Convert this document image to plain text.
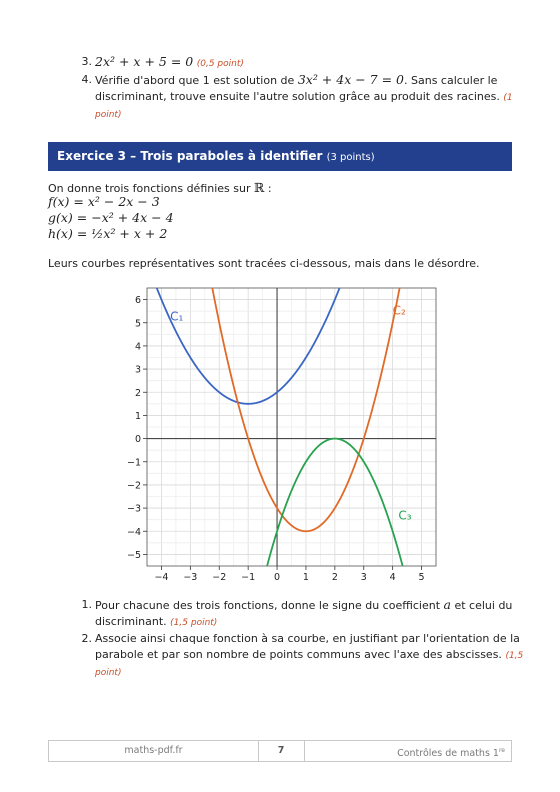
3. 2x² + x + 5 = 0 (0,5 point)
4. Vérifie d'abord que 1 est solution de 3x² + 4x − 7 = 0. Sans calculer le
discriminant, trouve ensuite l'autre solution grâce au produit des racines. (1
point)
Exercice 3 – Trois paraboles à identifier (3 points)
On donne trois fonctions définies sur ℝ :
f(x) = x² − 2x − 3
g(x) = −x² + 4x − 4
h(x) = ½x² + x + 2
Leurs courbes représentatives sont tracées ci-dessous, mais dans le désordre.
−4 −3 −2 −1 0 1 2 3 4 5
−5
−4
−3
−2
−1
0
1
2
3
4
5
6
C₁	C₂
C₃
1. Pour chacune des trois fonctions, donne le signe du coefficient a et celui du
discriminant. (1,5 point)
2. Associe ainsi chaque fonction à sa courbe, en justifiant par l'orientation de la
parabole et par son nombre de points communs avec l'axe des abscisses. (1,5
point)
maths-pdf.fr	7	Contrôles de maths 1re
